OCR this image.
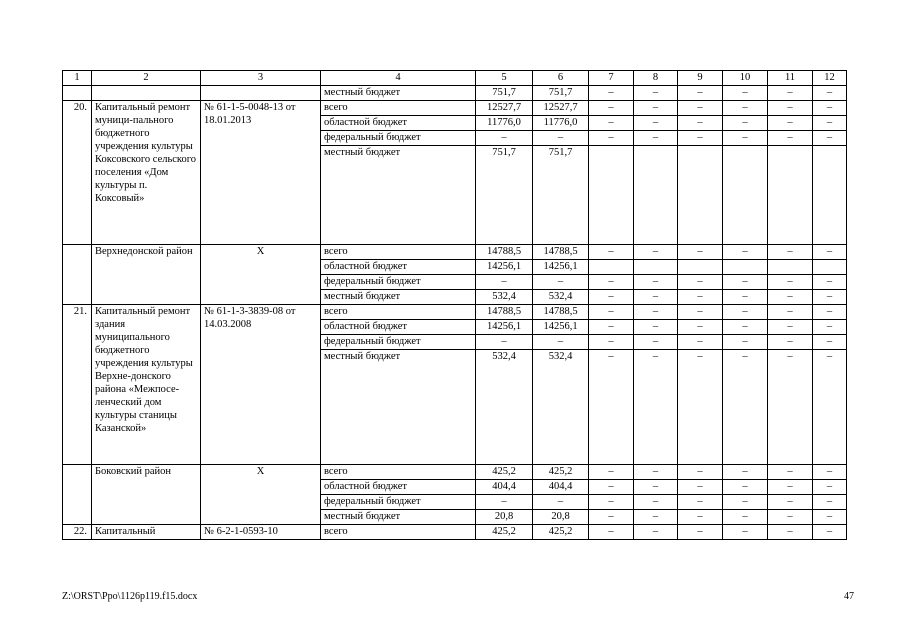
1	2	3	4	5	6	7	8	9	10	11	12
			местный бюджет	751,7	751,7	–	–	–	–	–	–
20.	Капитальный ремонт муници-пального бюджетного учреждения культуры Коксовского сельского поселения «Дом культуры п. Коксовый»	№ 61-1-5-0048-13 от 18.01.2013	всего	12527,7	12527,7	–	–	–	–	–	–
			областной бюджет	11776,0	11776,0	–	–	–	–	–	–
			федеральный бюджет	–	–	–	–	–	–	–	–
			местный бюджет	751,7	751,7						
	Верхнедонской район	X	всего	14788,5	14788,5	–	–	–	–	–	–
			областной бюджет	14256,1	14256,1						
			федеральный бюджет	–	–	–	–	–	–	–	–
			местный бюджет	532,4	532,4	–	–	–	–	–	–
21.	Капитальный ремонт здания муниципального бюджетного учреждения культуры Верхне-донского района «Межпосе-ленческий дом культуры станицы Казанской»	№ 61-1-3-3839-08 от 14.03.2008	всего	14788,5	14788,5	–	–	–	–	–	–
			областной бюджет	14256,1	14256,1	–	–	–	–	–	–
			федеральный бюджет	–	–	–	–	–	–	–	–
			местный бюджет	532,4	532,4	–	–	–	–	–	–
	Боковский район	X	всего	425,2	425,2	–	–	–	–	–	–
			областной бюджет	404,4	404,4	–	–	–	–	–	–
			федеральный бюджет	–	–	–	–	–	–	–	–
			местный бюджет	20,8	20,8	–	–	–	–	–	–
22.	Капитальный	№ 6-2-1-0593-10	всего	425,2	425,2	–	–	–	–	–	–
Z:\ORST\Ppo\1126p119.f15.docx	47
